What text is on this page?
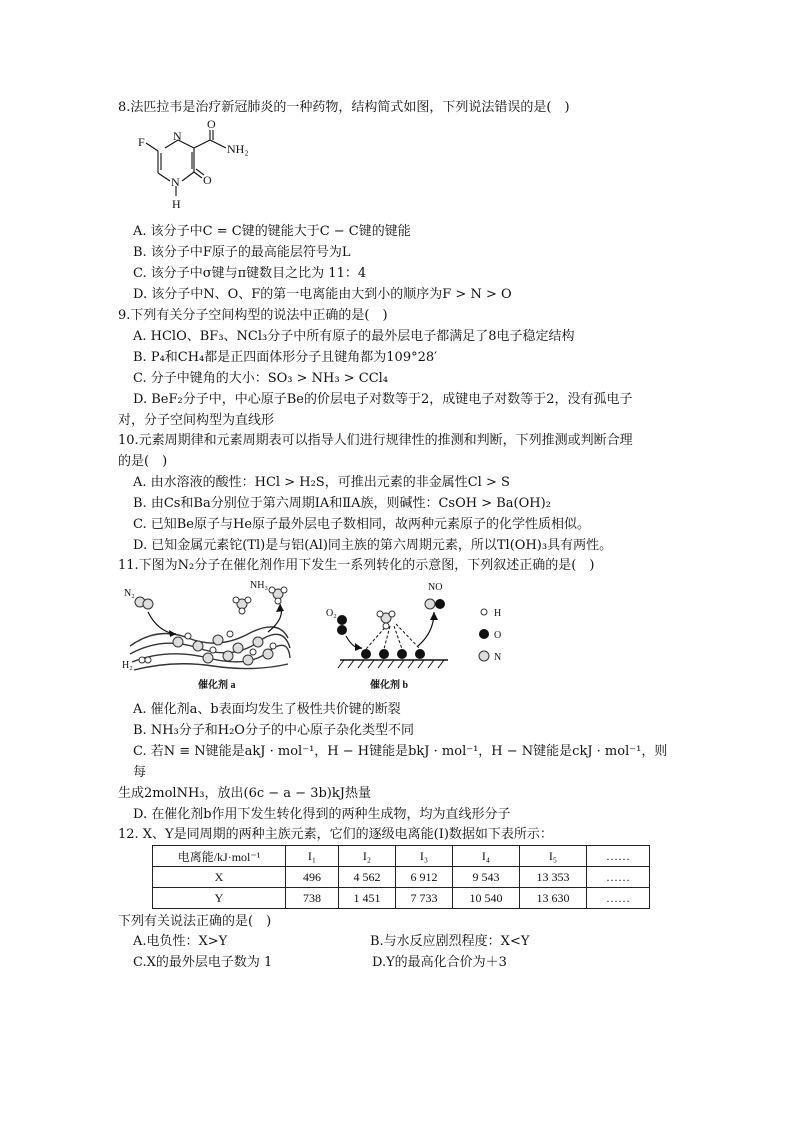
8.法匹拉韦是治疗新冠肺炎的一种药物，结构简式如图，下列说法错误的是(　)
F N
O
NH₂
N O
H
A. 该分子中C = C键的键能大于C − C键的键能
B. 该分子中F原子的最高能层符号为L
C. 该分子中σ键与π键数目之比为 11：4
D. 该分子中N、O、F的第一电离能由大到小的顺序为F > N > O
9.下列有关分子空间构型的说法中正确的是(　)
A. HClO、BF₃、NCl₃分子中所有原子的最外层电子都满足了8电子稳定结构
B. P₄和CH₄都是正四面体形分子且键角都为109°28′
C. 分子中键角的大小：SO₃ > NH₃ > CCl₄
D. BeF₂分子中，中心原子Be的价层电子对数等于2，成键电子对数等于2，没有孤电子
对，分子空间构型为直线形
10.元素周期律和元素周期表可以指导人们进行规律性的推测和判断，下列推测或判断合理
的是(　)
A. 由水溶液的酸性：HCl > H₂S，可推出元素的非金属性Cl > S
B. 由Cs和Ba分别位于第六周期ⅠA和ⅡA族，则碱性：CsOH > Ba(OH)₂
C. 已知Be原子与He原子最外层电子数相同，故两种元素原子的化学性质相似。
D. 已知金属元素铊(Tl)是与铝(Al)同主族的第六周期元素，所以Tl(OH)₃具有两性。
11.下图为N₂分子在催化剂作用下发生一系列转化的示意图，下列叙述正确的是(　)
N₂
H₂
NH₃
催化剂 a
O₂
NO
催化剂 b
H
O
N
A. 催化剂a、b表面均发生了极性共价键的断裂
B. NH₃分子和H₂O分子的中心原子杂化类型不同
C. 若N ≡ N键能是akJ · mol⁻¹，H − H键能是bkJ · mol⁻¹，H − N键能是ckJ · mol⁻¹，则
每
生成2molNH₃，放出(6c − a − 3b)kJ热量
D. 在催化剂b作用下发生转化得到的两种生成物，均为直线形分子
12. X、Y是同周期的两种主族元素，它们的逐级电离能(I)数据如下表所示：
电离能/kJ·mol⁻¹	I₁	I₂	I₃	I₄	I₅	……
X	496	4 562	6 912	9 543	13 353	……
Y	738	1 451	7 733	10 540	13 630	……
下列有关说法正确的是(　)
A.电负性：X>Y	B.与水反应剧烈程度：X<Y
C.X的最外层电子数为 1	D.Y的最高化合价为＋3
